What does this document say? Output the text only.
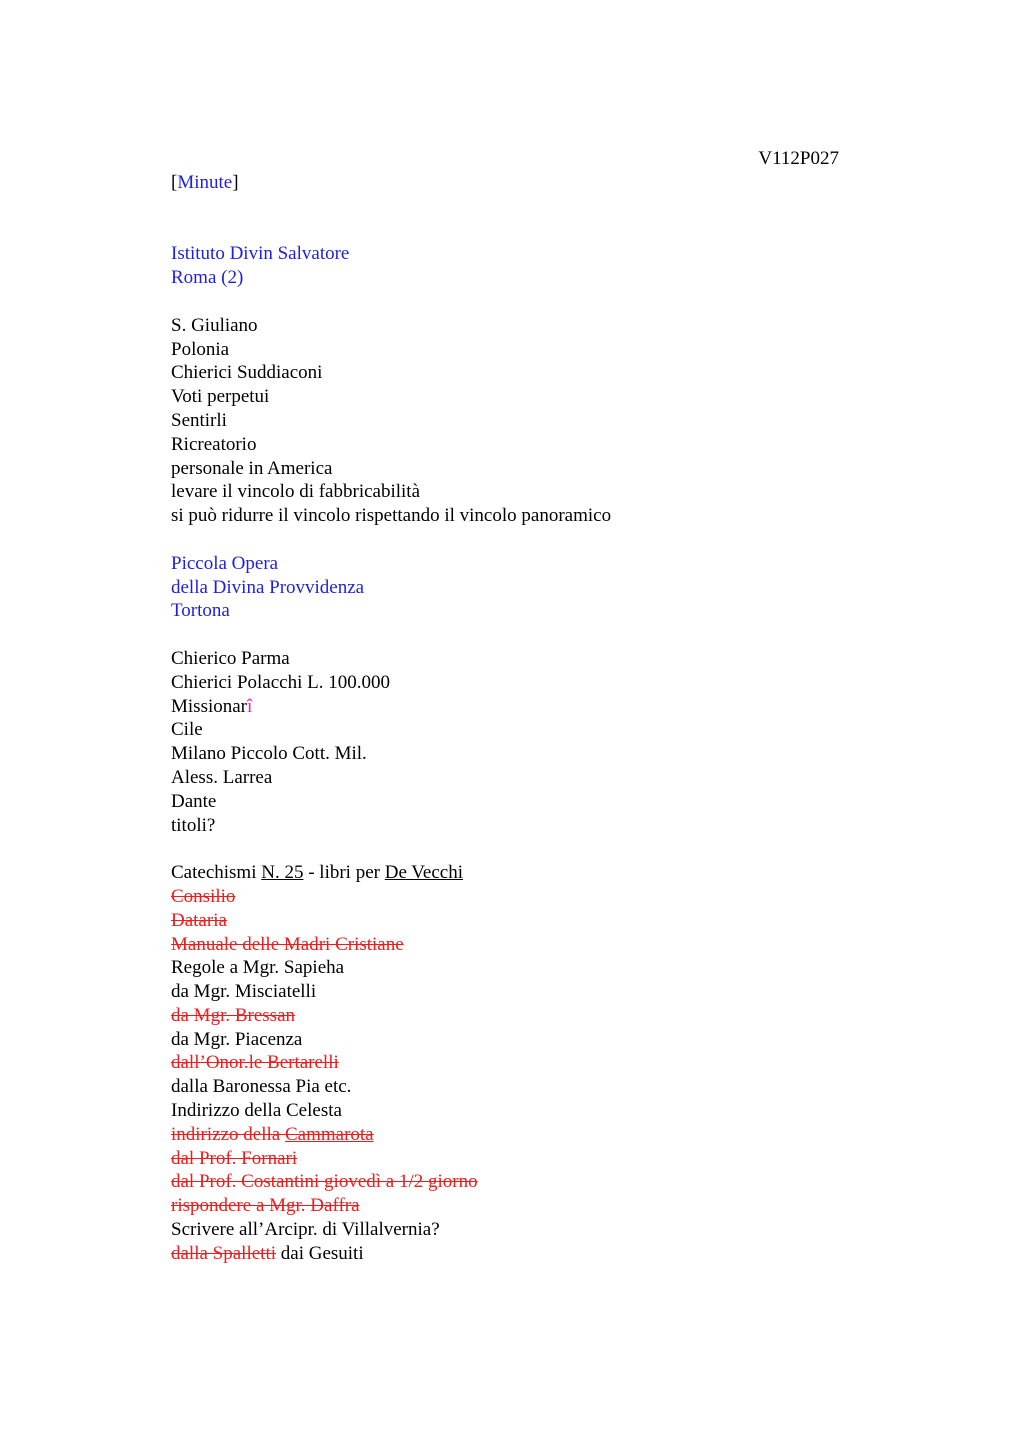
V112P027
[Minute]
Istituto Divin Salvatore
Roma (2)
S. Giuliano
Polonia
Chierici Suddiaconi
Voti perpetui
Sentirli
Ricreatorio
personale in America
levare il vincolo di fabbricabilità
si può ridurre il vincolo rispettando il vincolo panoramico
Piccola Opera
della Divina Provvidenza
Tortona
Chierico Parma
Chierici Polacchi L. 100.000
Missionarî
Cile
Milano Piccolo Cott. Mil.
Aless. Larrea
Dante
titoli?
Catechismi N. 25 - libri per De Vecchi
Consilio
Dataria
Manuale delle Madri Cristiane
Regole a Mgr. Sapieha
da Mgr. Misciatelli
da Mgr. Bressan
da Mgr. Piacenza
dall’Onor.le Bertarelli
dalla Baronessa Pia etc.
Indirizzo della Celesta
indirizzo della Cammarota
dal Prof. Fornari
dal Prof. Costantini giovedì a 1/2 giorno
rispondere a Mgr. Daffra
Scrivere all’Arcipr. di Villalvernia?
dalla Spalletti dai Gesuiti
